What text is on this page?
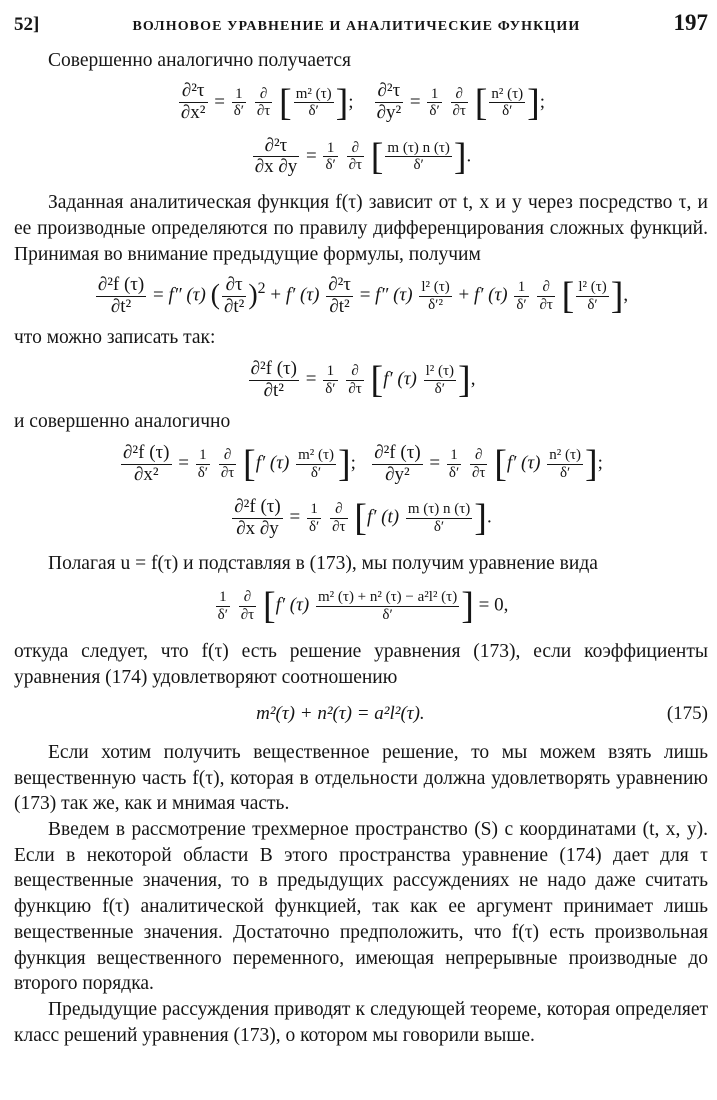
52]	ВОЛНОВОЕ УРАВНЕНИЕ И АНАЛИТИЧЕСКИЕ ФУНКЦИИ	197

Совершенно аналогично получается

$\frac{\text{∂²τ}}{\text{∂x²}} = \frac{1}{\delta'}$
$\frac{\partial}{\partial\tau}$ [ $\frac{\text{m² (τ)}}{\delta'}$ ]; $\frac{\text{∂²τ}}{\text{∂y²}} = \frac{1}{\delta'}$
$\frac{\partial}{\partial\tau}$ [ $\frac{\text{n² (τ)}}{\delta'}$ ];
$\frac{\text{∂²τ}}{\partial x \partial y} = \frac{1}{\delta'}$
$\frac{\partial}{\partial\tau}$ [ $\frac{m (\tau) n (\tau)}{\delta'}$ ].

Заданная аналитическая функция f(τ) зависит от t, x и y через посредство τ, и ее производные определяются по правилу дифференцирования сложных функций. Принимая во внимание предыдущие формулы, получим

$\frac{\text{∂²f (τ)}}{\text{∂t²}} = f''$ (τ) ( $\frac{\partial\tau}{\text{∂t²}} )^2 + f'$ $(\tau) \frac{\text{∂²τ}}{\text{∂t²}} = f''$ $(\tau) \frac{\text{l² (τ)}}{\text{δ′²}} + f'$ $(\tau) \frac{1}{\delta'}$
$\frac{\partial}{\partial\tau}$ [ $\frac{\text{l² (τ)}}{\delta'}$ ],

что можно записать так:

$\frac{\text{∂²f (τ)}}{\text{∂t²}} = \frac{1}{\delta'}$
$\frac{\partial}{\partial\tau} [f'$ $(\tau) \frac{\text{l² (τ)}}{\delta'}$ ],

и совершенно аналогично

$\frac{\text{∂²f (τ)}}{\text{∂x²}} = \frac{1}{\delta'}$
$\frac{\partial}{\partial\tau} [f'$ $(\tau) \frac{\text{m² (τ)}}{\delta'}$ ]; $\frac{\text{∂²f (τ)}}{\text{∂y²}} = \frac{1}{\delta'}$
$\frac{\partial}{\partial\tau} [f'$ $(\tau) \frac{\text{n² (τ)}}{\delta'}$ ];
$\frac{\text{∂²f (τ)}}{\partial x \partial y} = \frac{1}{\delta'}$
$\frac{\partial}{\partial\tau} [f'$ $(t) \frac{m (\tau) n (\tau)}{\delta'}$ ].

Полагая u = f(τ) и подставляя в (173), мы получим уравнение вида

$\frac{1}{\delta'}$
$\frac{\partial}{\partial\tau} [f'$ $(\tau) \frac{\text{m² (τ) + n² (τ) − a²l² (τ)}}{\delta'}$ ] = 0,

откуда следует, что f(τ) есть решение уравнения (173), если коэффициенты уравнения (174) удовлетворяют соотношению

(175)
m²(τ) + n²(τ) = a²l²(τ).

Если хотим получить вещественное решение, то мы можем взять лишь вещественную часть f(τ), которая в отдельности должна удовлетворять уравнению (173) так же, как и мнимая часть.

Введем в рассмотрение трехмерное пространство (S) с координатами (t, x, y). Если в некоторой области B этого пространства уравнение (174) дает для τ вещественные значения, то в предыдущих рассуждениях не надо даже считать функцию f(τ) аналитической функцией, так как ее аргумент принимает лишь вещественные значения. Достаточно предположить, что f(τ) есть произвольная функция вещественного переменного, имеющая непрерывные производные до второго порядка.

Предыдущие рассуждения приводят к следующей теореме, которая определяет класс решений уравнения (173), о котором мы говорили выше.
